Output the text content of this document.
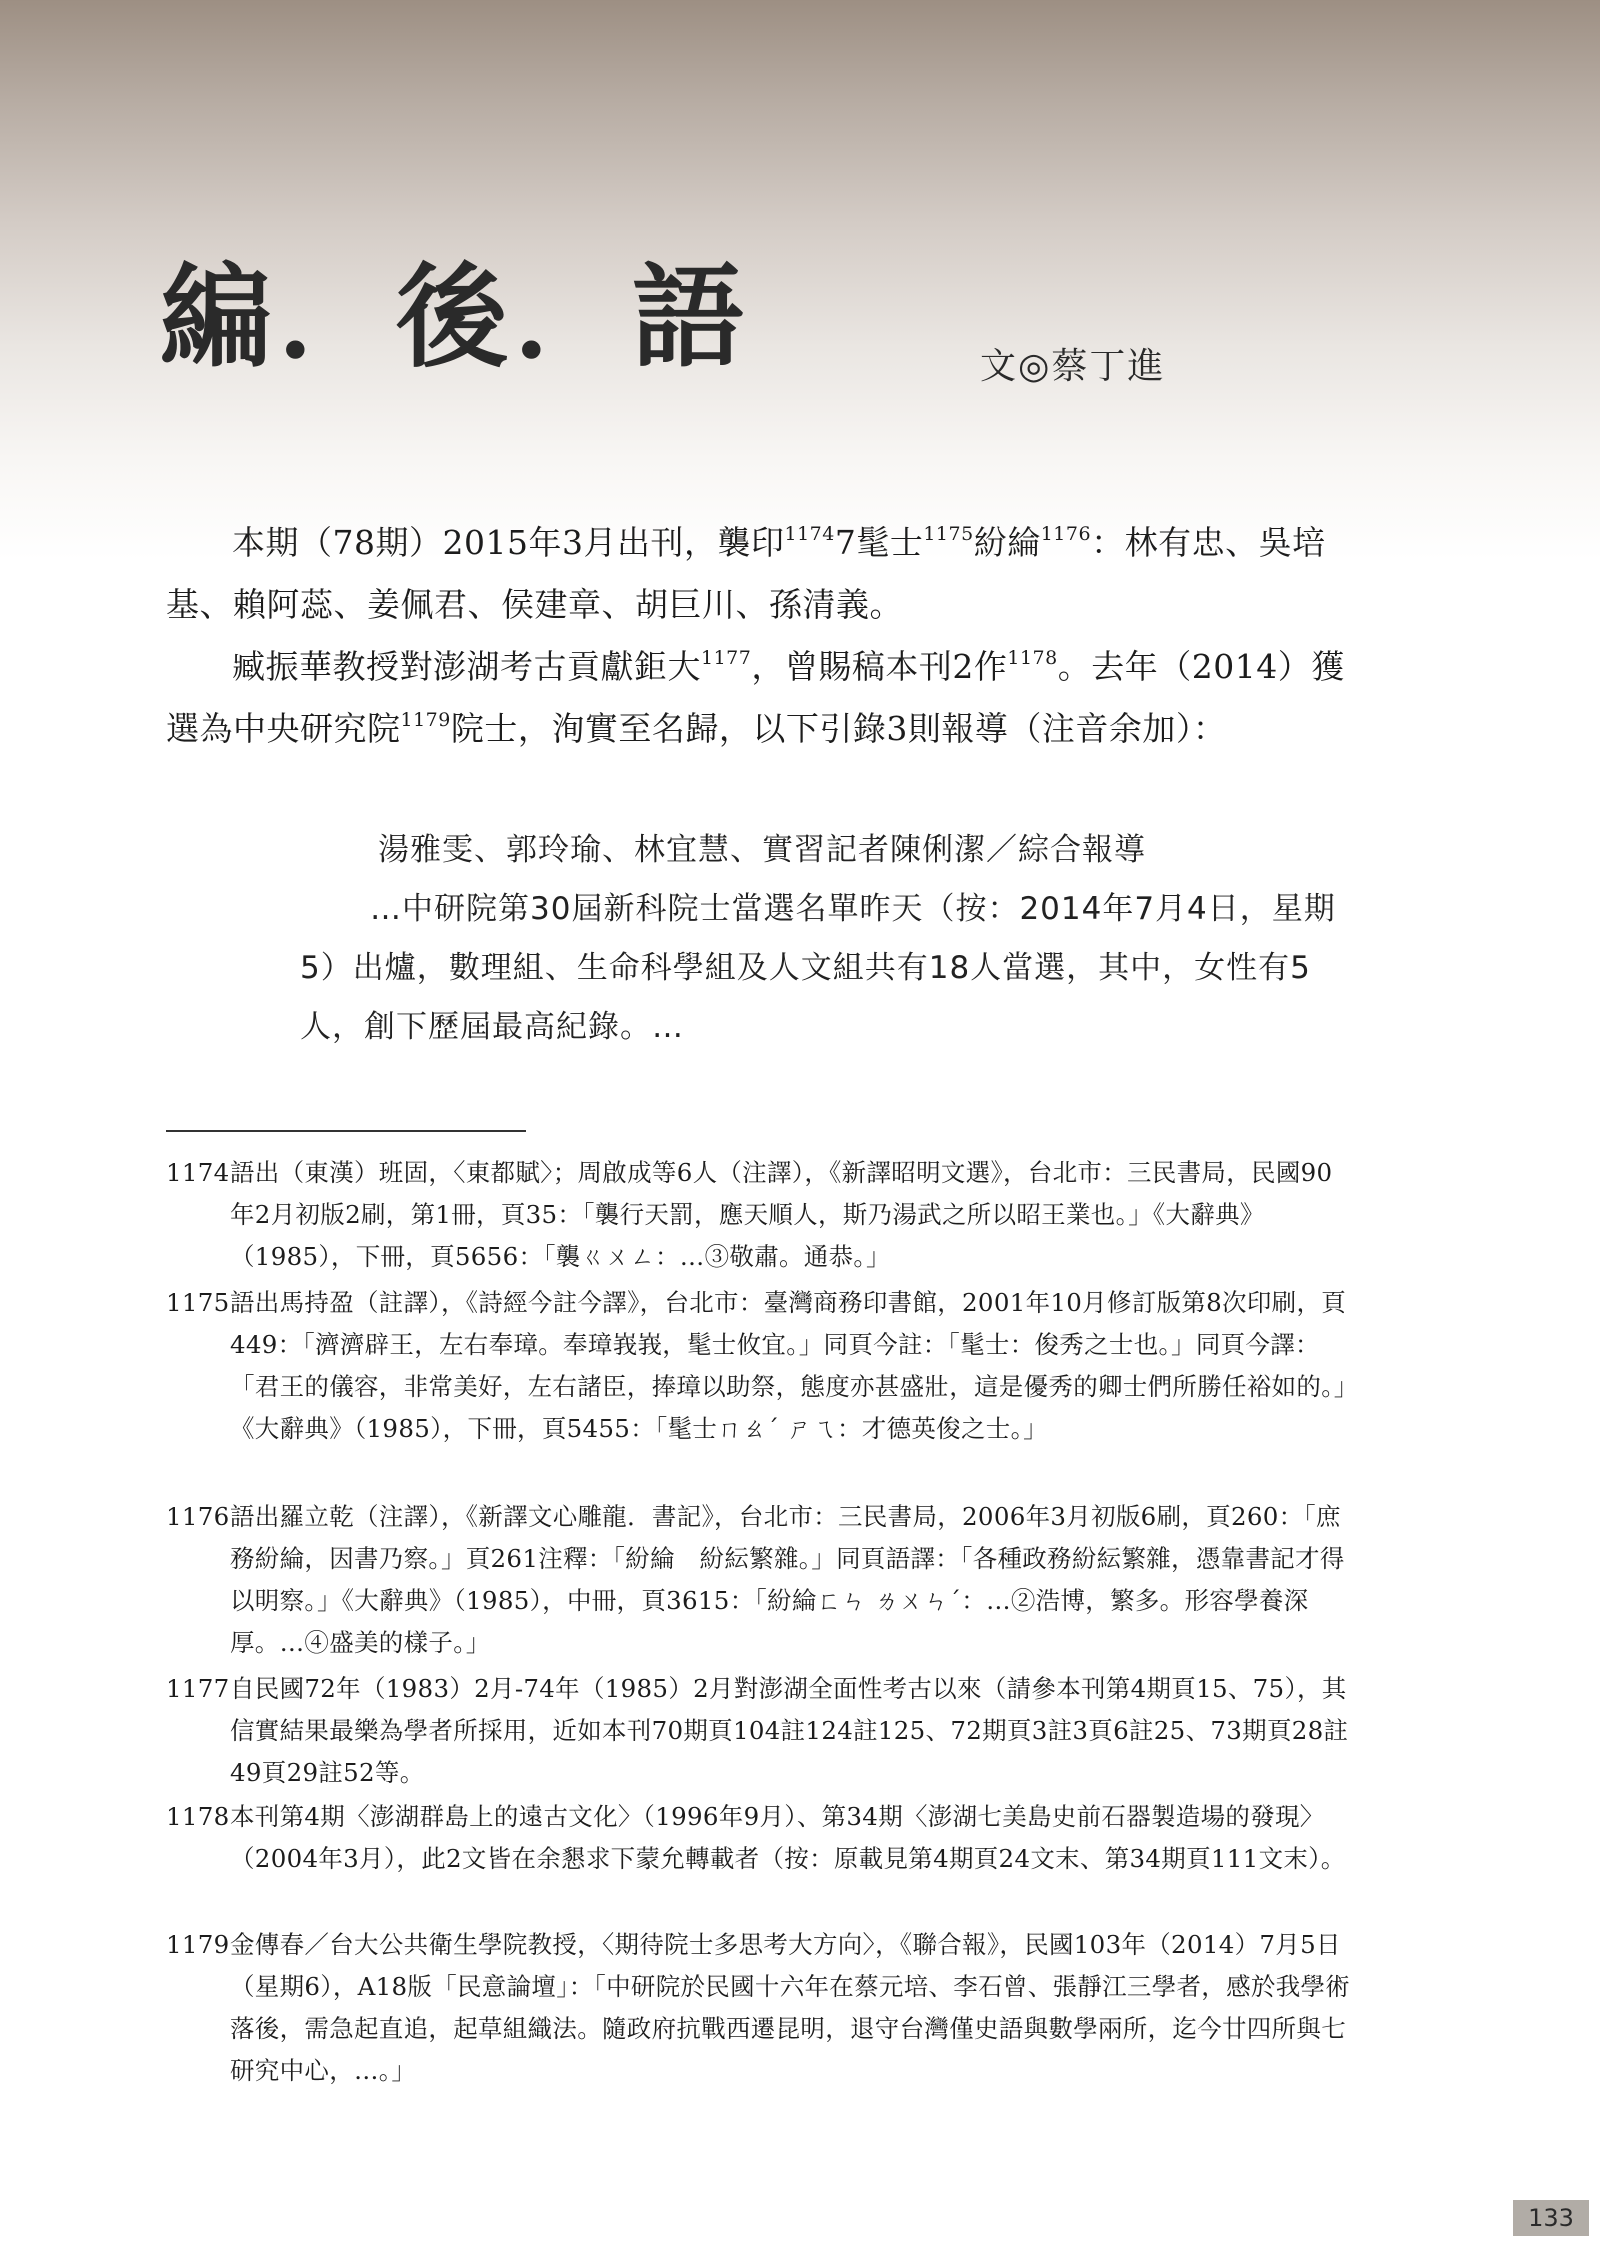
編．後．語	文◎蔡丁進
本期（78期）2015年3月出刊，襲印$^{1174}$7髦士$^{1175}$紛綸$^{1176}$：林有忠、吳培基、賴阿蕊、姜佩君、侯建章、胡巨川、孫清義。
臧振華教授對澎湖考古貢獻鉅大$^{1177}$，曾賜稿本刊2作$^{1178}$。去年（2014）獲選為中央研究院$^{1179}$院士，洵實至名歸，以下引錄3則報導（注音余加）：
湯雅雯、郭玲瑜、林宜慧、實習記者陳俐潔／綜合報導
…中研院第30屆新科院士當選名單昨天（按：2014年7月4日，星期5）出爐，數理組、生命科學組及人文組共有18人當選，其中，女性有5人，創下歷屆最高紀錄。…
1174 語出（東漢）班固，〈東都賦〉；周啟成等6人（注譯），《新譯昭明文選》，台北市：三民書局，民國90年2月初版2刷，第1冊，頁35：「襲行天罰，應天順人，斯乃湯武之所以昭王業也。」《大辭典》（1985），下冊，頁5656：「襲ㄍㄨㄥ：…③敬肅。通恭。」
1175 語出馬持盈（註譯），《詩經今註今譯》，台北市：臺灣商務印書館，2001年10月修訂版第8次印刷，頁449：「濟濟辟王，左右奉璋。奉璋峩峩，髦士攸宜。」同頁今註：「髦士：俊秀之士也。」同頁今譯：「君王的儀容，非常美好，左右諸臣，捧璋以助祭，態度亦甚盛壯，這是優秀的卿士們所勝任裕如的。」《大辭典》（1985），下冊，頁5455：「髦士ㄇㄠˊ ㄕㄟ：才德英俊之士。」
1176 語出羅立乾（注譯），《新譯文心雕龍．書記》，台北市：三民書局，2006年3月初版6刷，頁260：「庶務紛綸，因書乃察。」頁261注釋：「紛綸　紛紜繁雜。」同頁語譯：「各種政務紛紜繁雜，憑靠書記才得以明察。」《大辭典》（1985），中冊，頁3615：「紛綸ㄈㄣ ㄌㄨㄣˊ：…②浩博，繁多。形容學養深厚。…④盛美的樣子。」
1177 自民國72年（1983）2月-74年（1985）2月對澎湖全面性考古以來（請參本刊第4期頁15、75），其信實結果最樂為學者所採用，近如本刊70期頁104註124註125、72期頁3註3頁6註25、73期頁28註49頁29註52等。
1178 本刊第4期〈澎湖群島上的遠古文化〉（1996年9月）、第34期〈澎湖七美島史前石器製造場的發現〉（2004年3月），此2文皆在余懇求下蒙允轉載者（按：原載見第4期頁24文末、第34期頁111文末）。
1179 金傳春／台大公共衛生學院教授，〈期待院士多思考大方向〉，《聯合報》，民國103年（2014）7月5日（星期6），A18版「民意論壇」：「中研院於民國十六年在蔡元培、李石曾、張靜江三學者，感於我學術落後，需急起直追，起草組織法。隨政府抗戰西遷昆明，退守台灣僅史語與數學兩所，迄今廿四所與七研究中心，…。」
133
